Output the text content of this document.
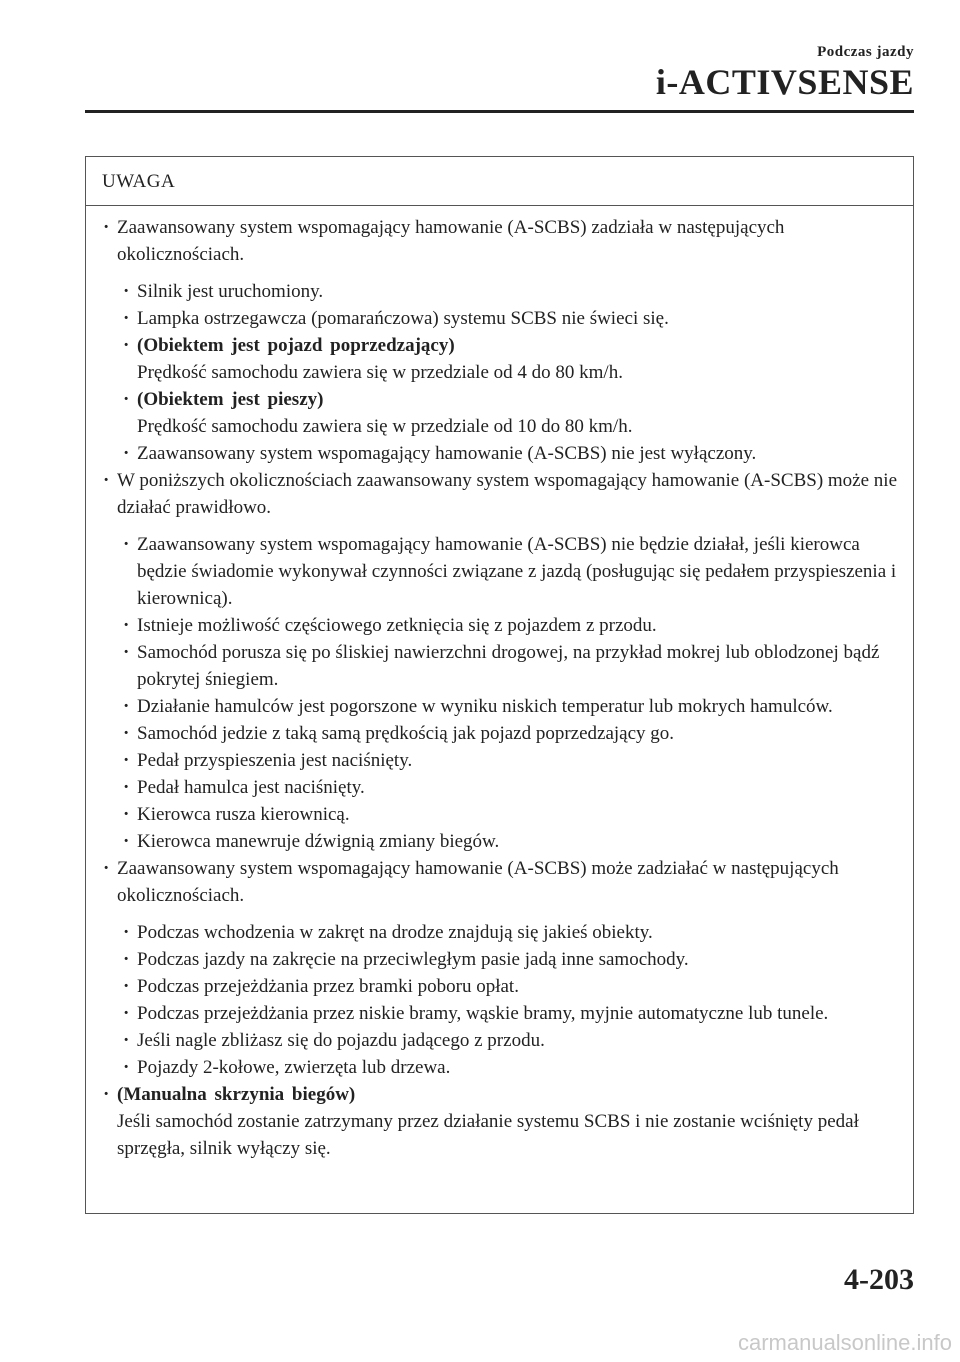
Podczas jazdy
i-ACTIVSENSE
UWAGA
· Zaawansowany system wspomagający hamowanie (A-SCBS) zadziała w następujących okolicznościach.
· Silnik jest uruchomiony.
· Lampka ostrzegawcza (pomarańczowa) systemu SCBS nie świeci się.
· (Obiektem jest pojazd poprzedzający)
Prędkość samochodu zawiera się w przedziale od 4 do 80 km/h.
· (Obiektem jest pieszy)
Prędkość samochodu zawiera się w przedziale od 10 do 80 km/h.
· Zaawansowany system wspomagający hamowanie (A-SCBS) nie jest wyłączony.
· W poniższych okolicznościach zaawansowany system wspomagający hamowanie (A-SCBS) może nie działać prawidłowo.
· Zaawansowany system wspomagający hamowanie (A-SCBS) nie będzie działał, jeśli kierowca będzie świadomie wykonywał czynności związane z jazdą (posługując się pedałem przyspieszenia i kierownicą).
· Istnieje możliwość częściowego zetknięcia się z pojazdem z przodu.
· Samochód porusza się po śliskiej nawierzchni drogowej, na przykład mokrej lub oblodzonej bądź pokrytej śniegiem.
· Działanie hamulców jest pogorszone w wyniku niskich temperatur lub mokrych hamulców.
· Samochód jedzie z taką samą prędkością jak pojazd poprzedzający go.
· Pedał przyspieszenia jest naciśnięty.
· Pedał hamulca jest naciśnięty.
· Kierowca rusza kierownicą.
· Kierowca manewruje dźwignią zmiany biegów.
· Zaawansowany system wspomagający hamowanie (A-SCBS) może zadziałać w następujących okolicznościach.
· Podczas wchodzenia w zakręt na drodze znajdują się jakieś obiekty.
· Podczas jazdy na zakręcie na przeciwległym pasie jadą inne samochody.
· Podczas przejeżdżania przez bramki poboru opłat.
· Podczas przejeżdżania przez niskie bramy, wąskie bramy, myjnie automatyczne lub tunele.
· Jeśli nagle zbliżasz się do pojazdu jadącego z przodu.
· Pojazdy 2-kołowe, zwierzęta lub drzewa.
· (Manualna skrzynia biegów)
Jeśli samochód zostanie zatrzymany przez działanie systemu SCBS i nie zostanie wciśnięty pedał sprzęgła, silnik wyłączy się.
4-203
carmanualsonline.info
